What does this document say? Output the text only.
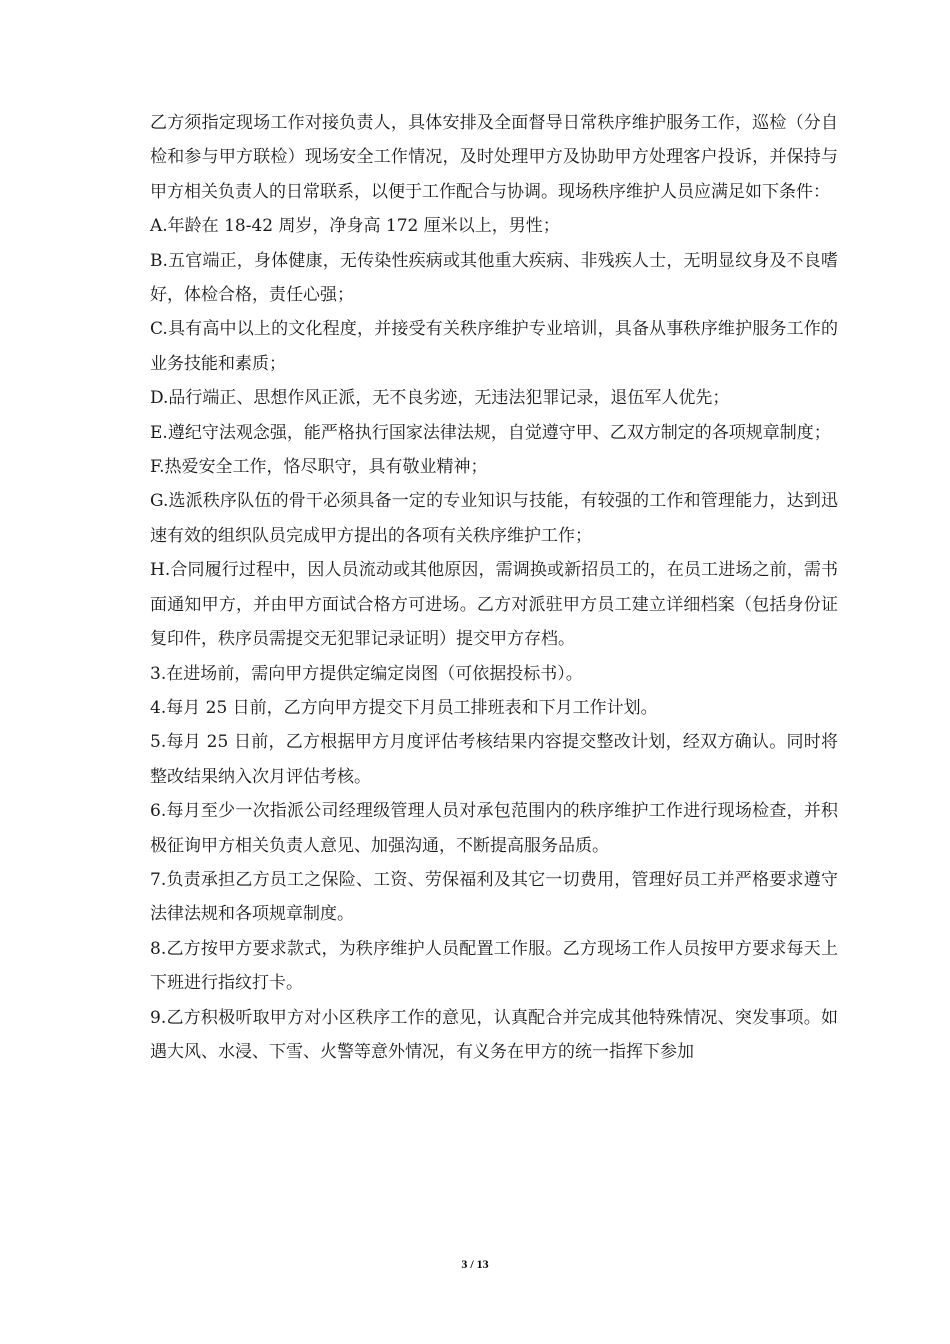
乙方须指定现场工作对接负责人，具体安排及全面督导日常秩序维护服务工作，巡检（分自检和参与甲方联检）现场安全工作情况，及时处理甲方及协助甲方处理客户投诉，并保持与甲方相关负责人的日常联系，以便于工作配合与协调。现场秩序维护人员应满足如下条件：

A.年龄在 18-42 周岁，净身高 172 厘米以上，男性；

B.五官端正，身体健康，无传染性疾病或其他重大疾病、非残疾人士，无明显纹身及不良嗜好，体检合格，责任心强；

C.具有高中以上的文化程度，并接受有关秩序维护专业培训，具备从事秩序维护服务工作的业务技能和素质；

D.品行端正、思想作风正派，无不良劣迹，无违法犯罪记录，退伍军人优先；

E.遵纪守法观念强，能严格执行国家法律法规，自觉遵守甲、乙双方制定的各项规章制度；

F.热爱安全工作，恪尽职守，具有敬业精神；

G.选派秩序队伍的骨干必须具备一定的专业知识与技能，有较强的工作和管理能力，达到迅速有效的组织队员完成甲方提出的各项有关秩序维护工作；

H.合同履行过程中，因人员流动或其他原因，需调换或新招员工的，在员工进场之前，需书面通知甲方，并由甲方面试合格方可进场。乙方对派驻甲方员工建立详细档案（包括身份证复印件，秩序员需提交无犯罪记录证明）提交甲方存档。

3.在进场前，需向甲方提供定编定岗图（可依据投标书）。

4.每月 25 日前，乙方向甲方提交下月员工排班表和下月工作计划。

5.每月 25 日前，乙方根据甲方月度评估考核结果内容提交整改计划，经双方确认。同时将整改结果纳入次月评估考核。

6.每月至少一次指派公司经理级管理人员对承包范围内的秩序维护工作进行现场检查，并积极征询甲方相关负责人意见、加强沟通，不断提高服务品质。

7.负责承担乙方员工之保险、工资、劳保福利及其它一切费用，管理好员工并严格要求遵守法律法规和各项规章制度。

8.乙方按甲方要求款式，为秩序维护人员配置工作服。乙方现场工作人员按甲方要求每天上下班进行指纹打卡。

9.乙方积极听取甲方对小区秩序工作的意见，认真配合并完成其他特殊情况、突发事项。如遇大风、水浸、下雪、火警等意外情况，有义务在甲方的统一指挥下参加

3 / 13
